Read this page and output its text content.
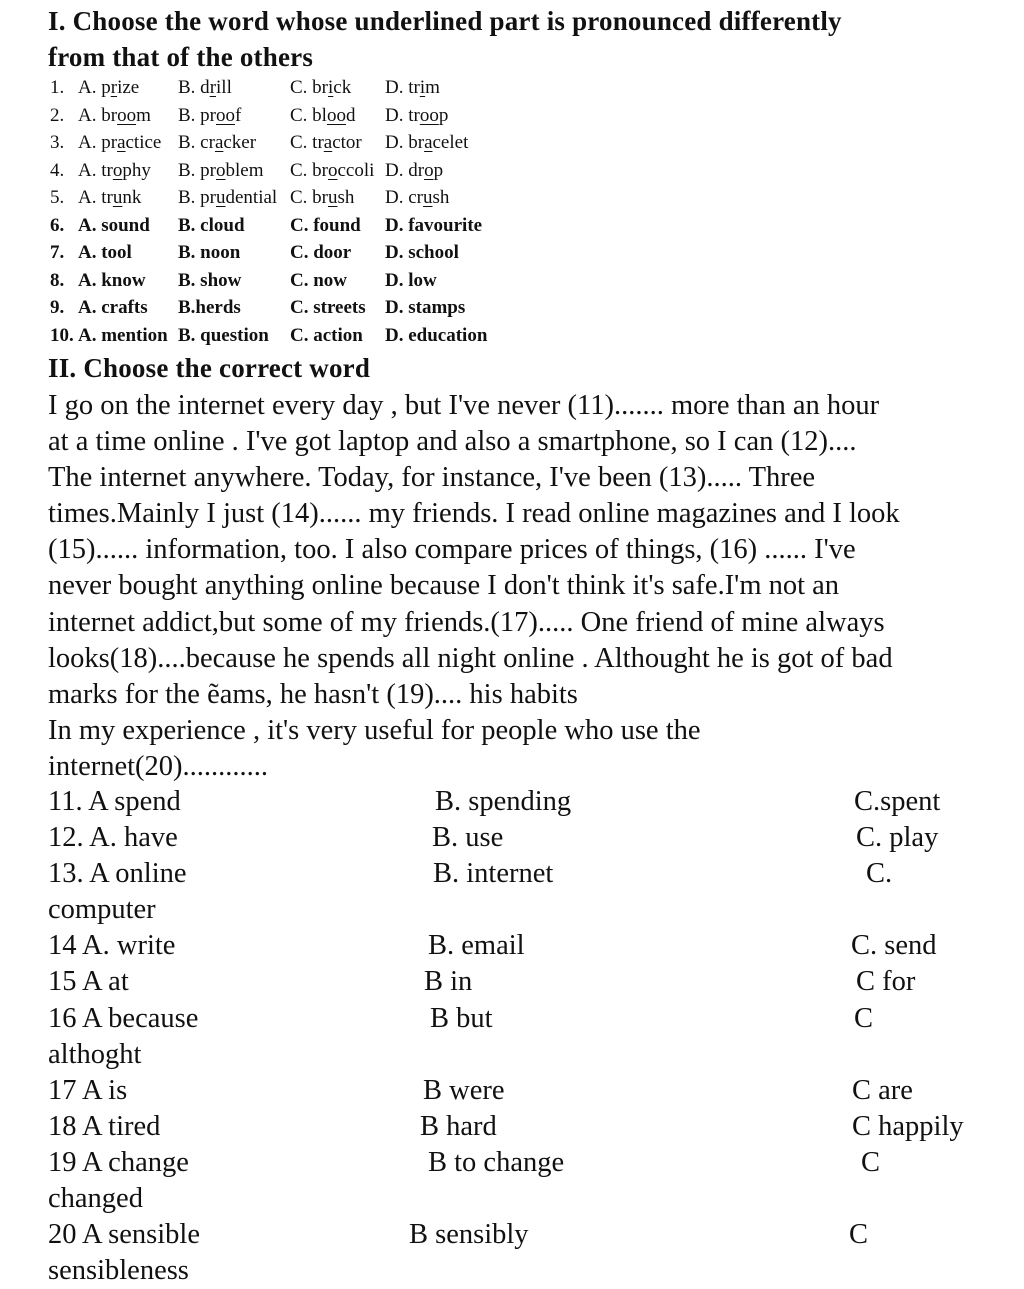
I. Choose the word whose underlined part is pronounced differently
from that of the others
1. A. prize B. drill	C. brick D. trim
2. A. broom B. proof	C. blood D. troop
3. A. practice B. cracker C. tractor D. bracelet
4. A. trophy B. problem C. broccoli D. drop
5. A. trunk B. prudential C. brush D. crush
6. A. sound B. cloud C. found D. favourite
7. A. tool B. noon	C. door D. school
8. A. know B. show	C. now D. low
9. A. crafts B.herds	C. streets D. stamps
10. A. mention B. question C. action D. education
II. Choose the correct word
I go on the internet every day , but I've never (11)....... more than an hour
at a time online . I've got laptop and also a smartphone, so I can (12)....
The internet anywhere. Today, for instance, I've been (13)..... Three
times.Mainly I just (14)...... my friends. I read online magazines and I look
(15)...... information, too. I also compare prices of things, (16) ...... I've
never bought anything online because I don't think it's safe.I'm not an
internet addict,but some of my friends.(17)..... One friend of mine always
looks(18)....because he spends all night online . Althought he is got of bad
marks for the ẽams, he hasn't (19).... his habits
In my experience , it's very useful for people who use the
internet(20)............
11. A spend	B. spending	C.spent
12. A. have	B. use	C. play
13. A online	B. internet	C.
computer
14 A. write	B. email	C. send
15 A at	B in	C for
16 A because	B but	C
althoght
17 A is	B were	C are
18 A tired	B hard	C happily
19 A change	B to change	C
changed
20 A sensible	B sensibly	C
sensibleness
